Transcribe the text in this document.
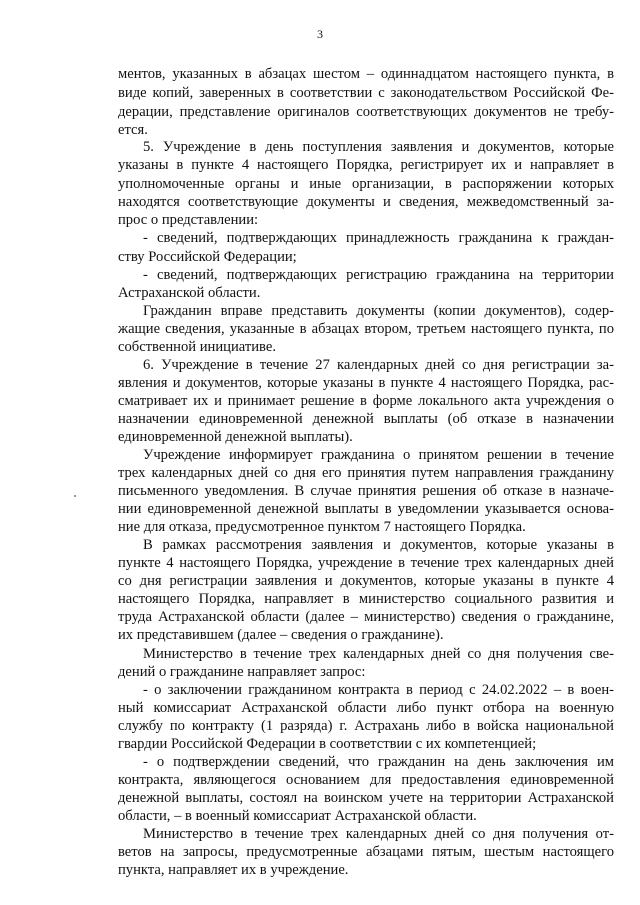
3
ментов, указанных в абзацах шестом – одиннадцатом настоящего пункта, в
виде копий, заверенных в соответствии с законодательством Российской Фе-
дерации, представление оригиналов соответствующих документов не требу-
ется.
5. Учреждение в день поступления заявления и документов, которые
указаны в пункте 4 настоящего Порядка, регистрирует их и направляет в
уполномоченные органы и иные организации, в распоряжении которых
находятся соответствующие документы и сведения, межведомственный за-
прос о представлении:
- сведений, подтверждающих принадлежность гражданина к граждан-
ству Российской Федерации;
- сведений, подтверждающих регистрацию гражданина на территории
Астраханской области.
Гражданин вправе представить документы (копии документов), содер-
жащие сведения, указанные в абзацах втором, третьем настоящего пункта, по
собственной инициативе.
6. Учреждение в течение 27 календарных дней со дня регистрации за-
явления и документов, которые указаны в пункте 4 настоящего Порядка, рас-
сматривает их и принимает решение в форме локального акта учреждения о
назначении единовременной денежной выплаты (об отказе в назначении
единовременной денежной выплаты).
Учреждение информирует гражданина о принятом решении в течение
трех календарных дней со дня его принятия путем направления гражданину
письменного уведомления. В случае принятия решения об отказе в назначе-
нии единовременной денежной выплаты в уведомлении указывается основа-
ние для отказа, предусмотренное пунктом 7 настоящего Порядка.
В рамках рассмотрения заявления и документов, которые указаны в
пункте 4 настоящего Порядка, учреждение в течение трех календарных дней
со дня регистрации заявления и документов, которые указаны в пункте 4
настоящего Порядка, направляет в министерство социального развития и
труда Астраханской области (далее – министерство) сведения о гражданине,
их представившем (далее – сведения о гражданине).
Министерство в течение трех календарных дней со дня получения све-
дений о гражданине направляет запрос:
- о заключении гражданином контракта в период с 24.02.2022 – в воен-
ный комиссариат Астраханской области либо пункт отбора на военную
службу по контракту (1 разряда) г. Астрахань либо в войска национальной
гвардии Российской Федерации в соответствии с их компетенцией;
- о подтверждении сведений, что гражданин на день заключения им
контракта, являющегося основанием для предоставления единовременной
денежной выплаты, состоял на воинском учете на территории Астраханской
области, – в военный комиссариат Астраханской области.
Министерство в течение трех календарных дней со дня получения от-
ветов на запросы, предусмотренные абзацами пятым, шестым настоящего
пункта, направляет их в учреждение.
